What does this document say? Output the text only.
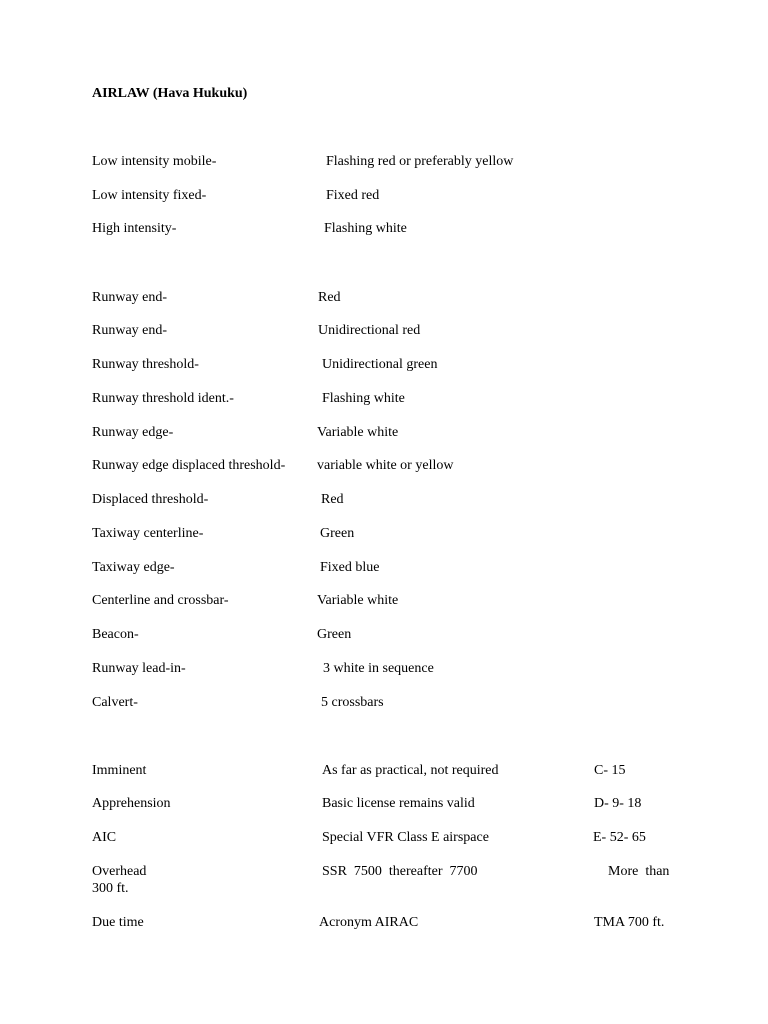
AIRLAW (Hava Hukuku)
Low intensity mobile-	Flashing red or preferably yellow
Low intensity fixed-	Fixed red
High intensity-	Flashing white
Runway end-	Red
Runway end-	Unidirectional red
Runway threshold-	Unidirectional green
Runway threshold ident.-	Flashing white
Runway edge-	Variable white
Runway edge displaced threshold- variable white or yellow
Displaced threshold-	Red
Taxiway centerline-	Green
Taxiway edge-	Fixed blue
Centerline and crossbar-	Variable white
Beacon-	Green
Runway lead-in-	3 white in sequence
Calvert-	5 crossbars
Imminent	As far as practical, not required	C- 15
Apprehension	Basic license remains valid	D- 9- 18
AIC	Special VFR Class E airspace	E- 52- 65
Overhead	SSR  7500  thereafter  7700	More  than
300 ft.
Due time	Acronym AIRAC	TMA 700 ft.
